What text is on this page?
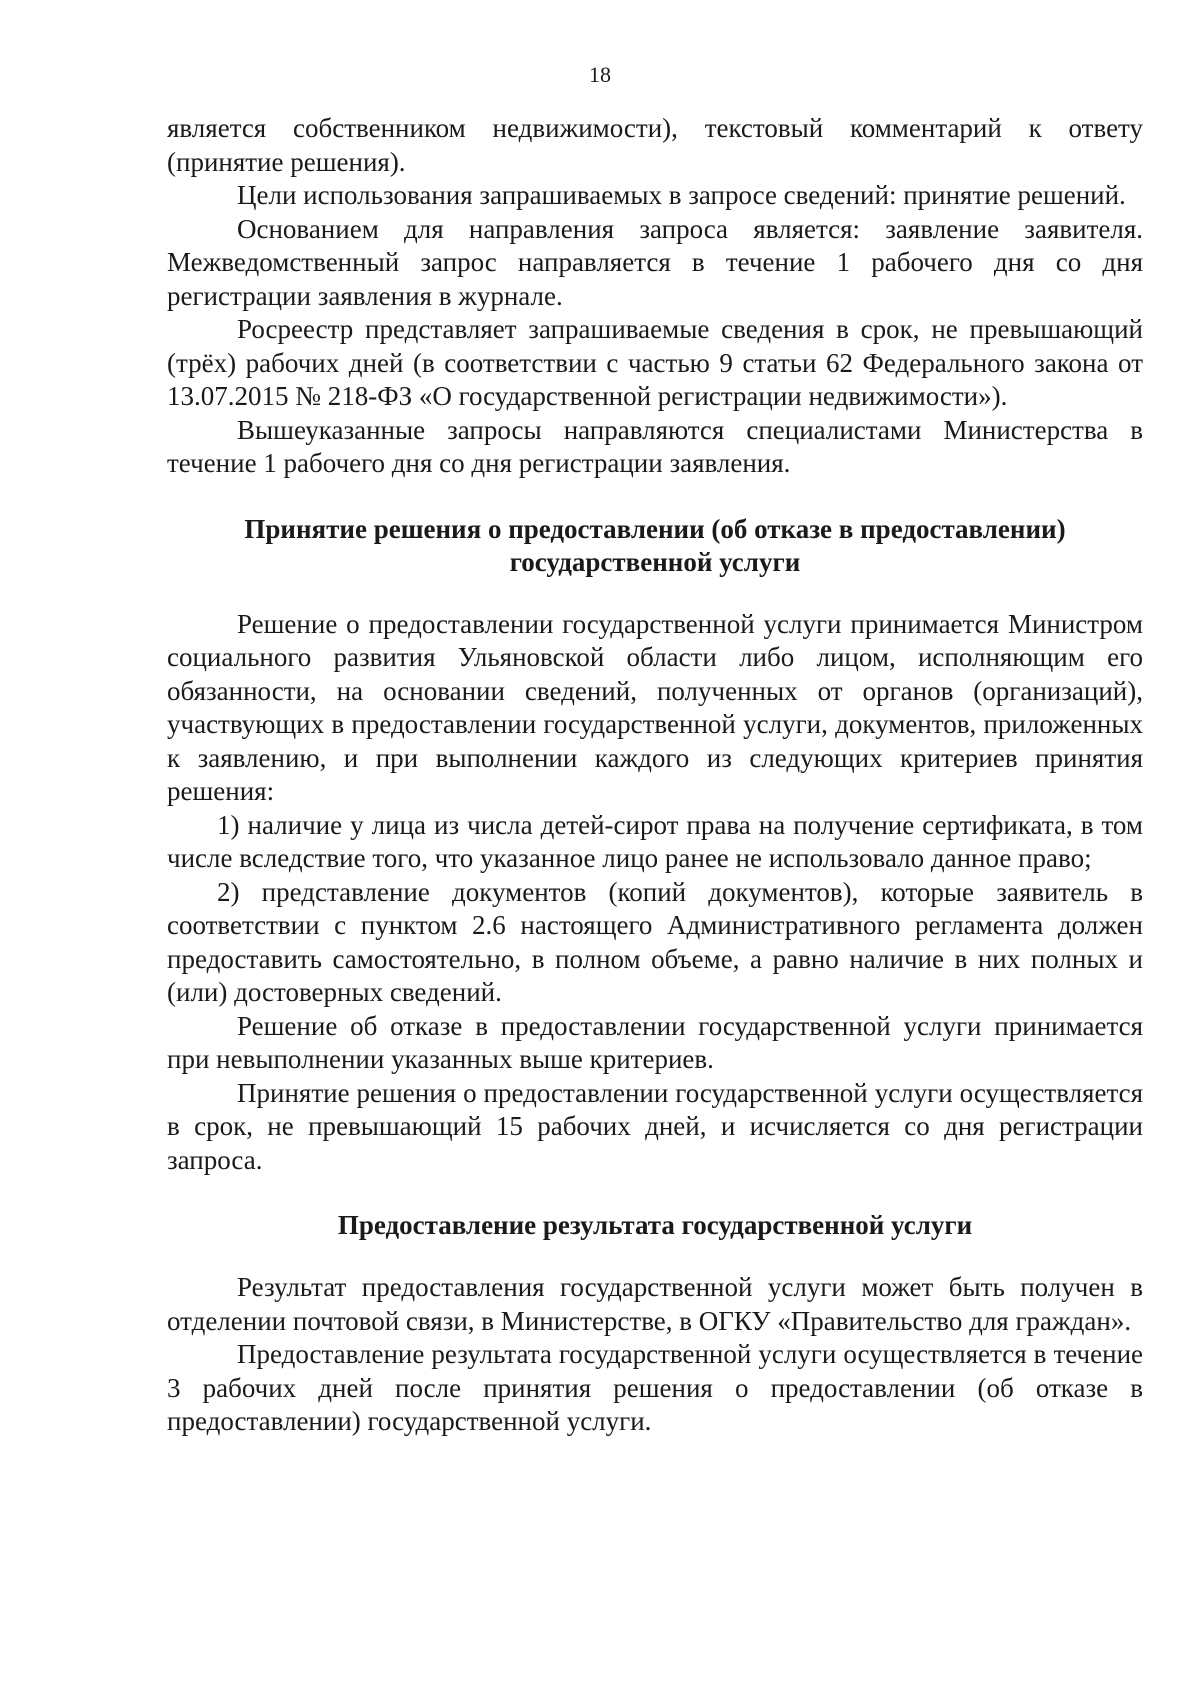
18

является собственником недвижимости), текстовый комментарий к ответу (принятие решения).

Цели использования запрашиваемых в запросе сведений: принятие решений.

Основанием для направления запроса является: заявление заявителя. Межведомственный запрос направляется в течение 1 рабочего дня со дня регистрации заявления в журнале.

Росреестр представляет запрашиваемые сведения в срок, не превышающий (трёх) рабочих дней (в соответствии с частью 9 статьи 62 Федерального закона от 13.07.2015 № 218-ФЗ «О государственной регистрации недвижимости»).

Вышеуказанные запросы направляются специалистами Министерства в течение 1 рабочего дня со дня регистрации заявления.

Принятие решения о предоставлении (об отказе в предоставлении)

государственной услуги

Решение о предоставлении государственной услуги принимается Министром социального развития Ульяновской области либо лицом, исполняющим его обязанности, на основании сведений, полученных от органов (организаций), участвующих в предоставлении государственной услуги, документов, приложенных к заявлению, и при выполнении каждого из следующих критериев принятия решения:

1) наличие у лица из числа детей-сирот права на получение сертификата, в том числе вследствие того, что указанное лицо ранее не использовало данное право;

2) представление документов (копий документов), которые заявитель в соответствии с пунктом 2.6 настоящего Административного регламента должен предоставить самостоятельно, в полном объеме, а равно наличие в них полных и (или) достоверных сведений.

Решение об отказе в предоставлении государственной услуги принимается при невыполнении указанных выше критериев.

Принятие решения о предоставлении государственной услуги осуществляется в срок, не превышающий 15 рабочих дней, и исчисляется со дня регистрации запроса.

Предоставление результата государственной услуги

Результат предоставления государственной услуги может быть получен в отделении почтовой связи, в Министерстве, в ОГКУ «Правительство для граждан».

Предоставление результата государственной услуги осуществляется в течение 3 рабочих дней после принятия решения о предоставлении (об отказе в предоставлении) государственной услуги.
